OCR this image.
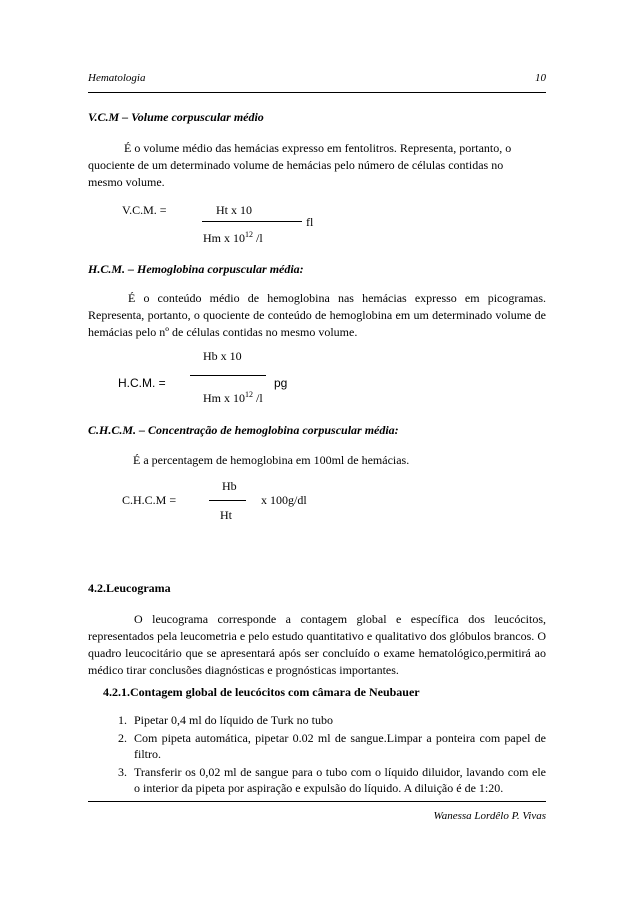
Hematologia	10
V.C.M – Volume corpuscular médio
É o volume médio das hemácias expresso em fentolitros. Representa, portanto, o quociente de um determinado volume de hemácias pelo número de células contidas no mesmo volume.
V.C.M. =	Ht x 10
fl
Hm x $10^{12}$ /l
H.C.M. – Hemoglobina corpuscular média:
É o conteúdo médio de hemoglobina nas hemácias expresso em picogramas. Representa, portanto, o quociente de conteúdo de hemoglobina em um determinado volume de hemácias pelo nº de células contidas no mesmo volume.
Hb x 10
H.C.M. =	pg
Hm x $10^{12}$ /l
C.H.C.M. – Concentração de hemoglobina corpuscular média:
É a percentagem de hemoglobina em 100ml de hemácias.
Hb
C.H.C.M =	x 100g/dl
Ht
4.2.Leucograma
O leucograma corresponde a contagem global e específica dos leucócitos, representados pela leucometria e pelo estudo quantitativo e qualitativo dos glóbulos brancos. O quadro leucocitário que se apresentará após ser concluído o exame hematológico,permitirá ao médico tirar conclusões diagnósticas e prognósticas importantes.
4.2.1.Contagem global de leucócitos com câmara de Neubauer
1. Pipetar 0,4 ml do líquido de Turk no tubo
2. Com pipeta automática, pipetar 0.02 ml de sangue.Limpar a ponteira com papel de filtro.
3. Transferir os 0,02 ml de sangue para o tubo com o líquido diluidor, lavando com ele o interior da pipeta por aspiração e expulsão do líquido. A diluição é de 1:20.
Wanessa Lordêlo P. Vivas
